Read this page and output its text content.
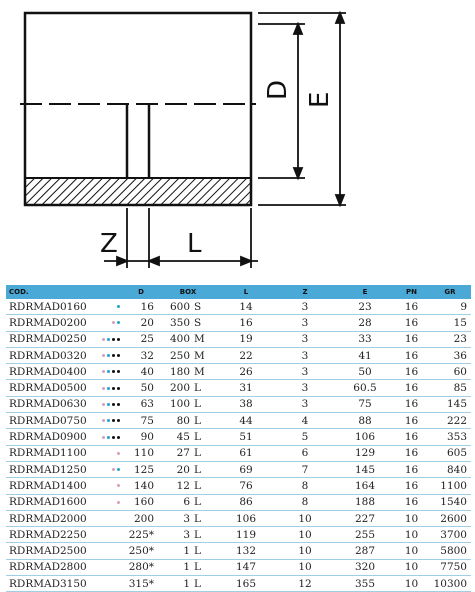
D E
Z	L
COD.		D	BOX	L	Z	E	PN	GR
RDRMAD0160		16	600 S	14	3	23	16	9
RDRMAD0200		20	350 S	16	3	28	16	15
RDRMAD0250		25	400 M	19	3	33	16	23
RDRMAD0320		32	250 M	22	3	41	16	36
RDRMAD0400		40	180 M	26	3	50	16	60
RDRMAD0500		50	200 L	31	3	60.5	16	85
RDRMAD0630		63	100 L	38	3	75	16	145
RDRMAD0750		75	80 L	44	4	88	16	222
RDRMAD0900		90	45 L	51	5	106	16	353
RDRMAD1100		110	27 L	61	6	129	16	605
RDRMAD1250		125	20 L	69	7	145	16	840
RDRMAD1400		140	12 L	76	8	164	16	1100
RDRMAD1600		160	6 L	86	8	188	16	1540
RDRMAD2000		200	3 L	106	10	227	10	2600
RDRMAD2250		225*	3 L	119	10	255	10	3700
RDRMAD2500		250*	1 L	132	10	287	10	5800
RDRMAD2800		280*	1 L	147	10	320	10	7750
RDRMAD3150		315*	1 L	165	12	355	10	10300
